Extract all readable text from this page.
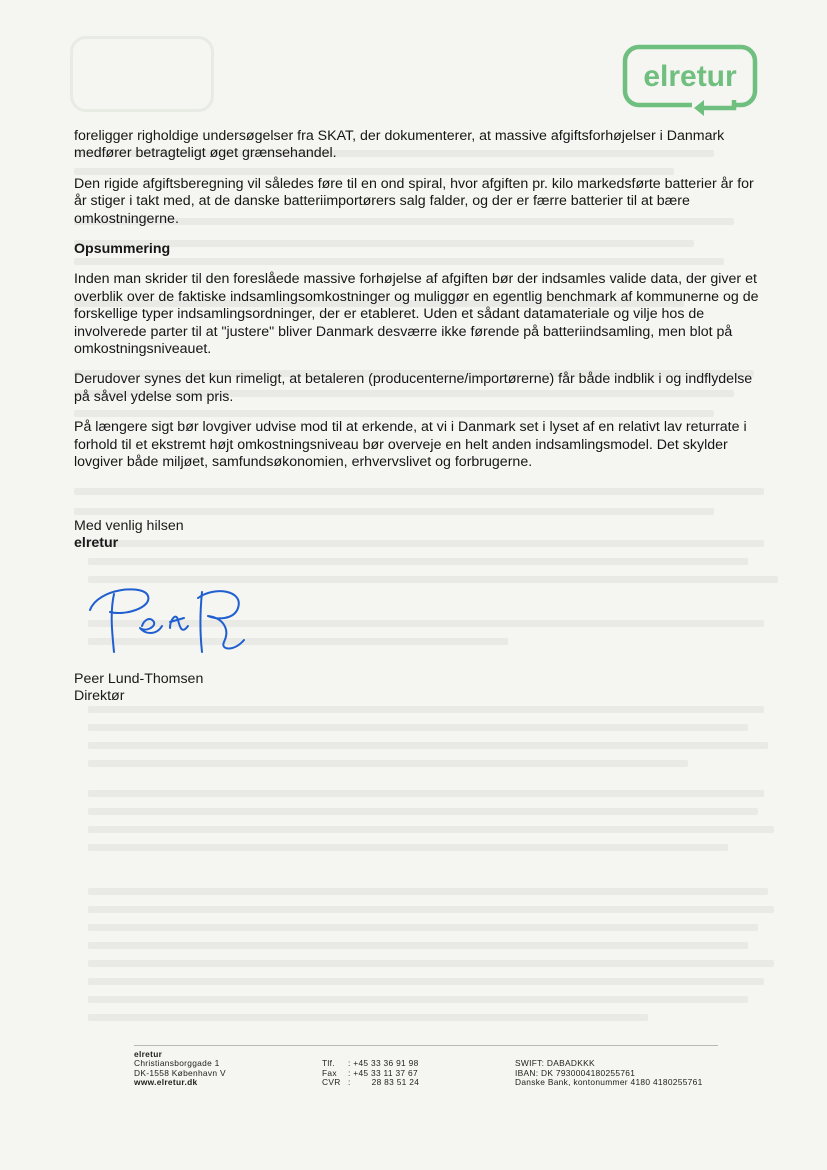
elretur

foreligger righoldige undersøgelser fra SKAT, der dokumenterer, at massive afgiftsforhøjelser i Danmark medfører betragteligt øget grænsehandel.

Den rigide afgiftsberegning vil således føre til en ond spiral, hvor afgiften pr. kilo markedsførte batterier år for år stiger i takt med, at de danske batteriimportørers salg falder, og der er færre batterier til at bære omkostningerne.

Opsummering

Inden man skrider til den foreslåede massive forhøjelse af afgiften bør der indsamles valide data, der giver et overblik over de faktiske indsamlingsomkostninger og muliggør en egentlig benchmark af kommunerne og de forskellige typer indsamlingsordninger, der er etableret. Uden et sådant datamateriale og vilje hos de involverede parter til at "justere" bliver Danmark desværre ikke førende på batteriindsamling, men blot på omkostningsniveauet.

Derudover synes det kun rimeligt, at betaleren (producenterne/importørerne) får både indblik i og indflydelse på såvel ydelse som pris.

På længere sigt bør lovgiver udvise mod til at erkende, at vi i Danmark set i lyset af en relativt lav returrate i forhold til et ekstremt højt omkostningsniveau bør overveje en helt anden indsamlingsmodel. Det skylder lovgiver både miljøet, samfundsøkonomien, erhvervslivet og forbrugerne.

Med venlig hilsen
elretur
Peer Lund-Thomsen
Direktør
elretur
Christiansborggade 1
DK-1558 København V
www.elretur.dk
Tlf. : +45 33 36 91 98
Fax : +45 33 11 37 67
CVR :        28 83 51 24
SWIFT: DABADKKK
IBAN: DK 7930004180255761
Danske Bank, kontonummer 4180 4180255761
